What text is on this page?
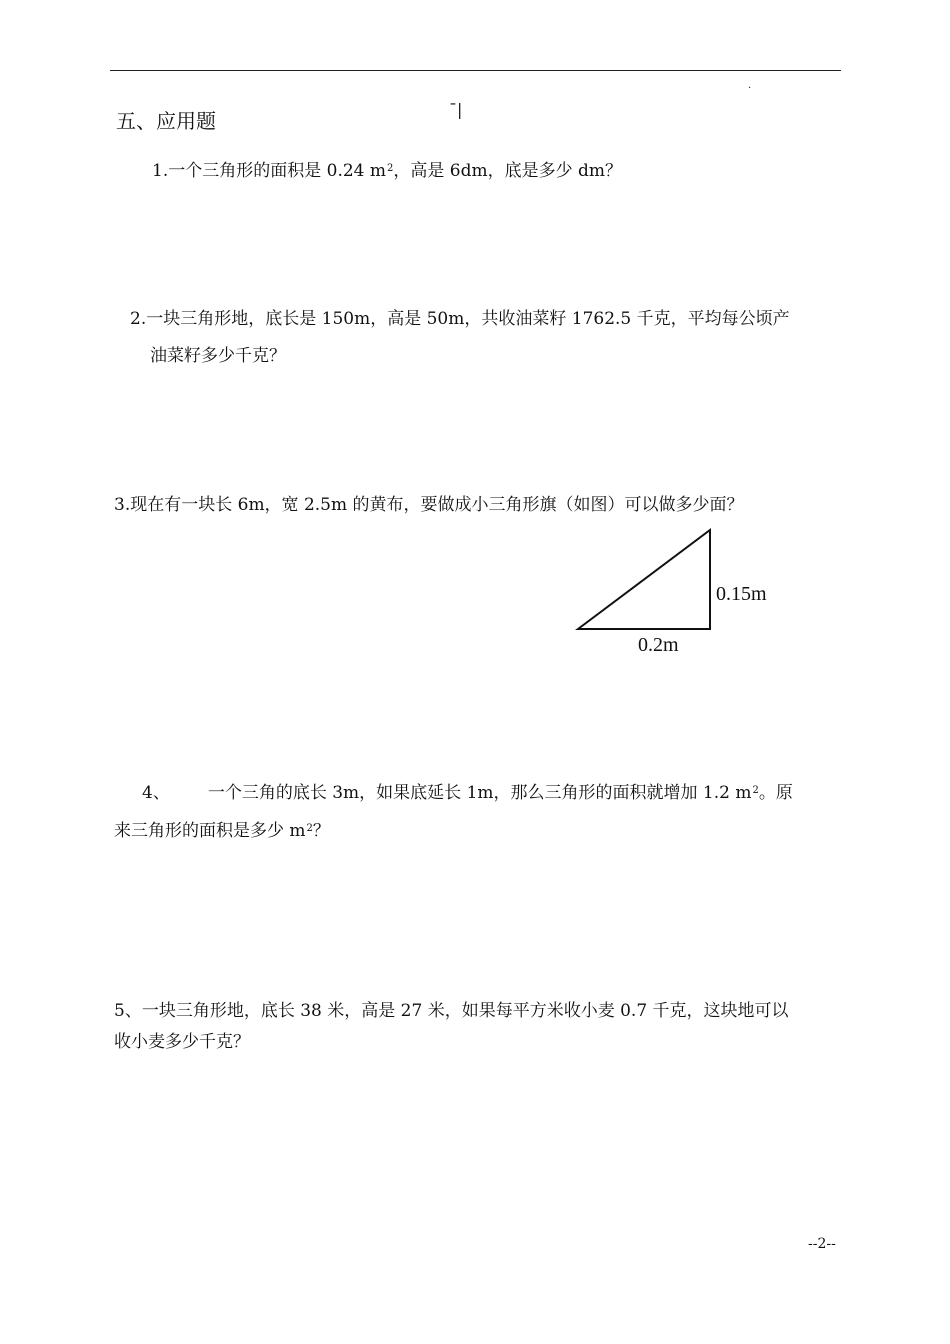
.
¯|
五、应用题
1.一个三角形的面积是 0.24 $m^2$，高是 6dm，底是多少 dm？
2.一块三角形地，底长是 150m，高是 50m，共收油菜籽 1762.5 千克，平均每公顷产
油菜籽多少千克？
3.现在有一块长 6m，宽 2.5m 的黄布，要做成小三角形旗（如图）可以做多少面？
0.15m
0.2m
4、 一个三角的底长 3m，如果底延长 1m，那么三角形的面积就增加 1.2 $m^2$。原
来三角形的面积是多少 $m^2$？
5、一块三角形地，底长 38 米，高是 27 米，如果每平方米收小麦 0.7 千克，这块地可以
收小麦多少千克？
--2--
